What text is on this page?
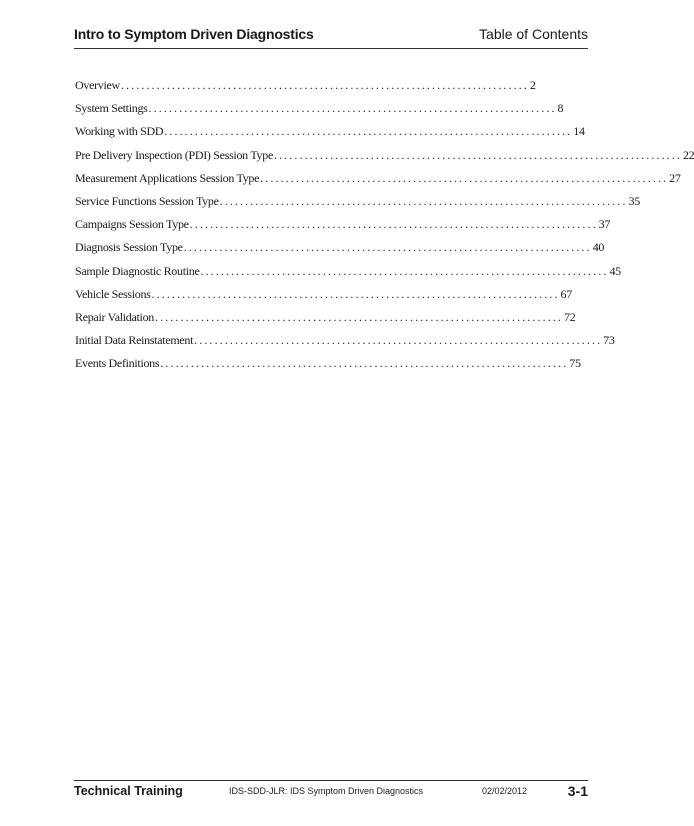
Intro to Symptom Driven Diagnostics	Table of Contents
Overview ................................................................................ 2
System Settings ................................................................................ 8
Working with SDD ................................................................................ 14
Pre Delivery Inspection (PDI) Session Type ................................................................................ 22
Measurement Applications Session Type ................................................................................ 27
Service Functions Session Type ................................................................................ 35
Campaigns Session Type ................................................................................ 37
Diagnosis Session Type ................................................................................ 40
Sample Diagnostic Routine ................................................................................ 45
Vehicle Sessions ................................................................................ 67
Repair Validation ................................................................................ 72
Initial Data Reinstatement ................................................................................ 73
Events Definitions ................................................................................ 75
Technical Training	IDS-SDD-JLR: IDS Symptom Driven Diagnostics	02/02/2012	3-1
